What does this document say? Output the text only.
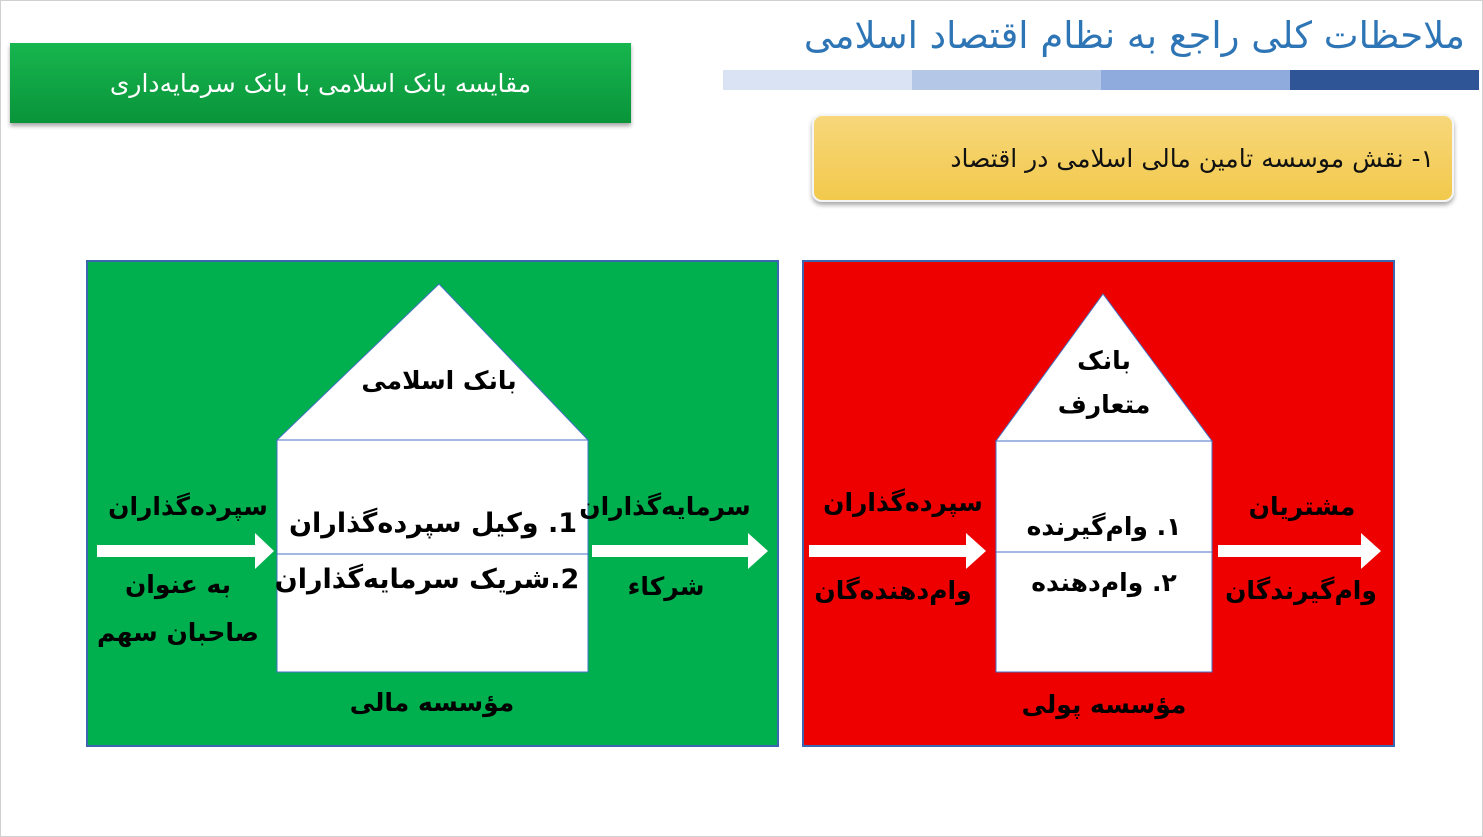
ملاحظات کلی راجع به نظام اقتصاد اسلامی
مقایسه بانک اسلامی با بانک سرمایه‌داری
۱- نقش موسسه تامین مالی اسلامی در اقتصاد
بانک اسلامی
1. وکیل سپرده‌گذاران
2.شریک سرمایه‌گذاران
مؤسسه مالی
سپرده‌گذاران
به عنوان
صاحبان سهم
سرمایه‌گذاران
شرکاء
بانک
متعارف
۱. وام‌گیرنده
۲. وام‌دهنده
مؤسسه پولی
سپرده‌گذاران
وام‌دهنده‌گان
مشتریان
وام‌گیرندگان
